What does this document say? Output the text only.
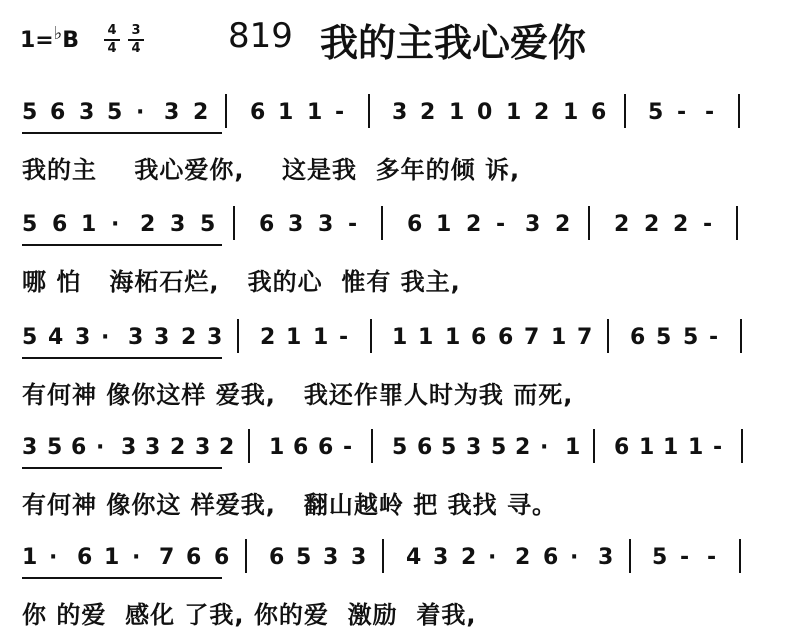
1=♭B 4
4
3
4	819 我的主我心爱你
5 6 3 5 · 3 2 6 1 1 - 3 2 1 0 1 2 1 6 5 - -
我的主    我心爱你,    这是我  多年的倾 诉,
5 6 1 · 2 3 5 6 3 3 - 6 1 2 - 3 2 2 2 2 -
哪 怕   海柘石烂,   我的心  惟有 我主,
5 4 3 · 3 3 2 3 2 1 1 - 1 1 1 6 6 7 1 7 6 5 5 -
有何神 像你这样 爱我,   我还作罪人时为我 而死,
3 5 6 · 3 3 2 3 2 1 6 6 - 5 6 5 3 5 2 · 1 6 1 1 1 -
有何神 像你这 样爱我,   翻山越岭 把 我找 寻。
1 · 6 1 · 7 6 6 6 5 3 3 4 3 2 · 2 6 · 3 5 - -
你 的爱  感化 了我, 你的爱  激励  着我,
